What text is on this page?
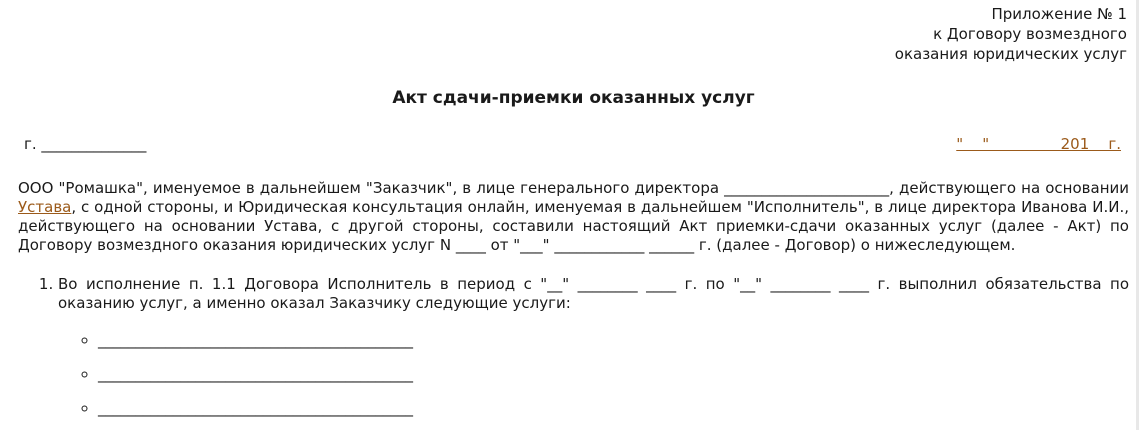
Приложение № 1
к Договору возмездного
оказания юридических услуг
Акт сдачи-приемки оказанных услуг
г. ______________	"    "               201    г.
ООО "Ромашка", именуемое в дальнейшем "Заказчик", в лице генерального директора ______________________, действующего на основании Устава, с одной стороны, и Юридическая консультация онлайн, именуемая в дальнейшем "Исполнитель", в лице директора Иванова И.И., действующего на основании Устава, с другой стороны, составили настоящий Акт приемки-сдачи оказанных услуг (далее - Акт) по Договору возмездного оказания юридических услуг N ____ от "___" ____________ ______ г. (далее - Договор) о нижеследующем.
1. Во исполнение п. 1.1 Договора Исполнитель в период с "__" ________ ____ г. по "__" ________ ____ г. выполнил обязательства по оказанию услуг, а именно оказал Заказчику следующие услуги:
◦ __________________________________________
◦ __________________________________________
◦ __________________________________________
